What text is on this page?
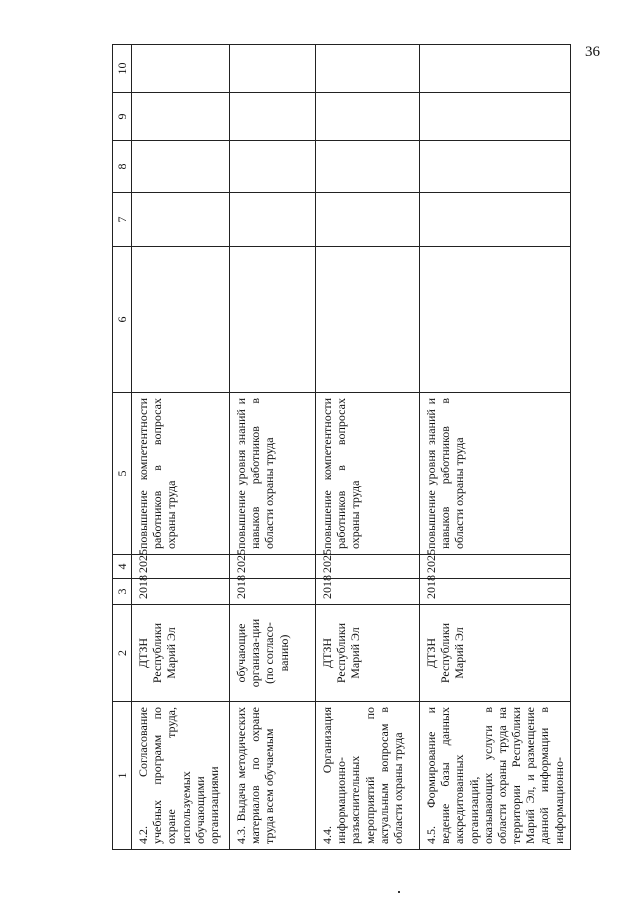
36
1	2	3	4	5	6	7	8	9	10
4.2. Согласование учебных программ по охране труда, используемых обучающими организациями	ДТЗН Республики Марий Эл	2018	2025	повышение компетентности работников в вопросах охраны труда					
4.3. Выдача методических материалов по охране труда всем обучаемым	обучающие организа-ции (по согласо-ванию)	2018	2025	повышение уровня знаний и навыков работников в области охраны труда					
4.4. Организация информационно-разъяснительных мероприятий по актуальным вопросам в области охраны труда	ДТЗН Республики Марий Эл	2018	2025	повышение компетентности работников в вопросах охраны труда					
4.5. Формирование и ведение базы данных аккредитованных организаций, оказывающих услуги в области охраны труда на территории Республики Марий Эл, и размещение данной информации в информационно-	ДТЗН Республики Марий Эл	2018	2025	повышение уровня знаний и навыков работников в области охраны труда					
